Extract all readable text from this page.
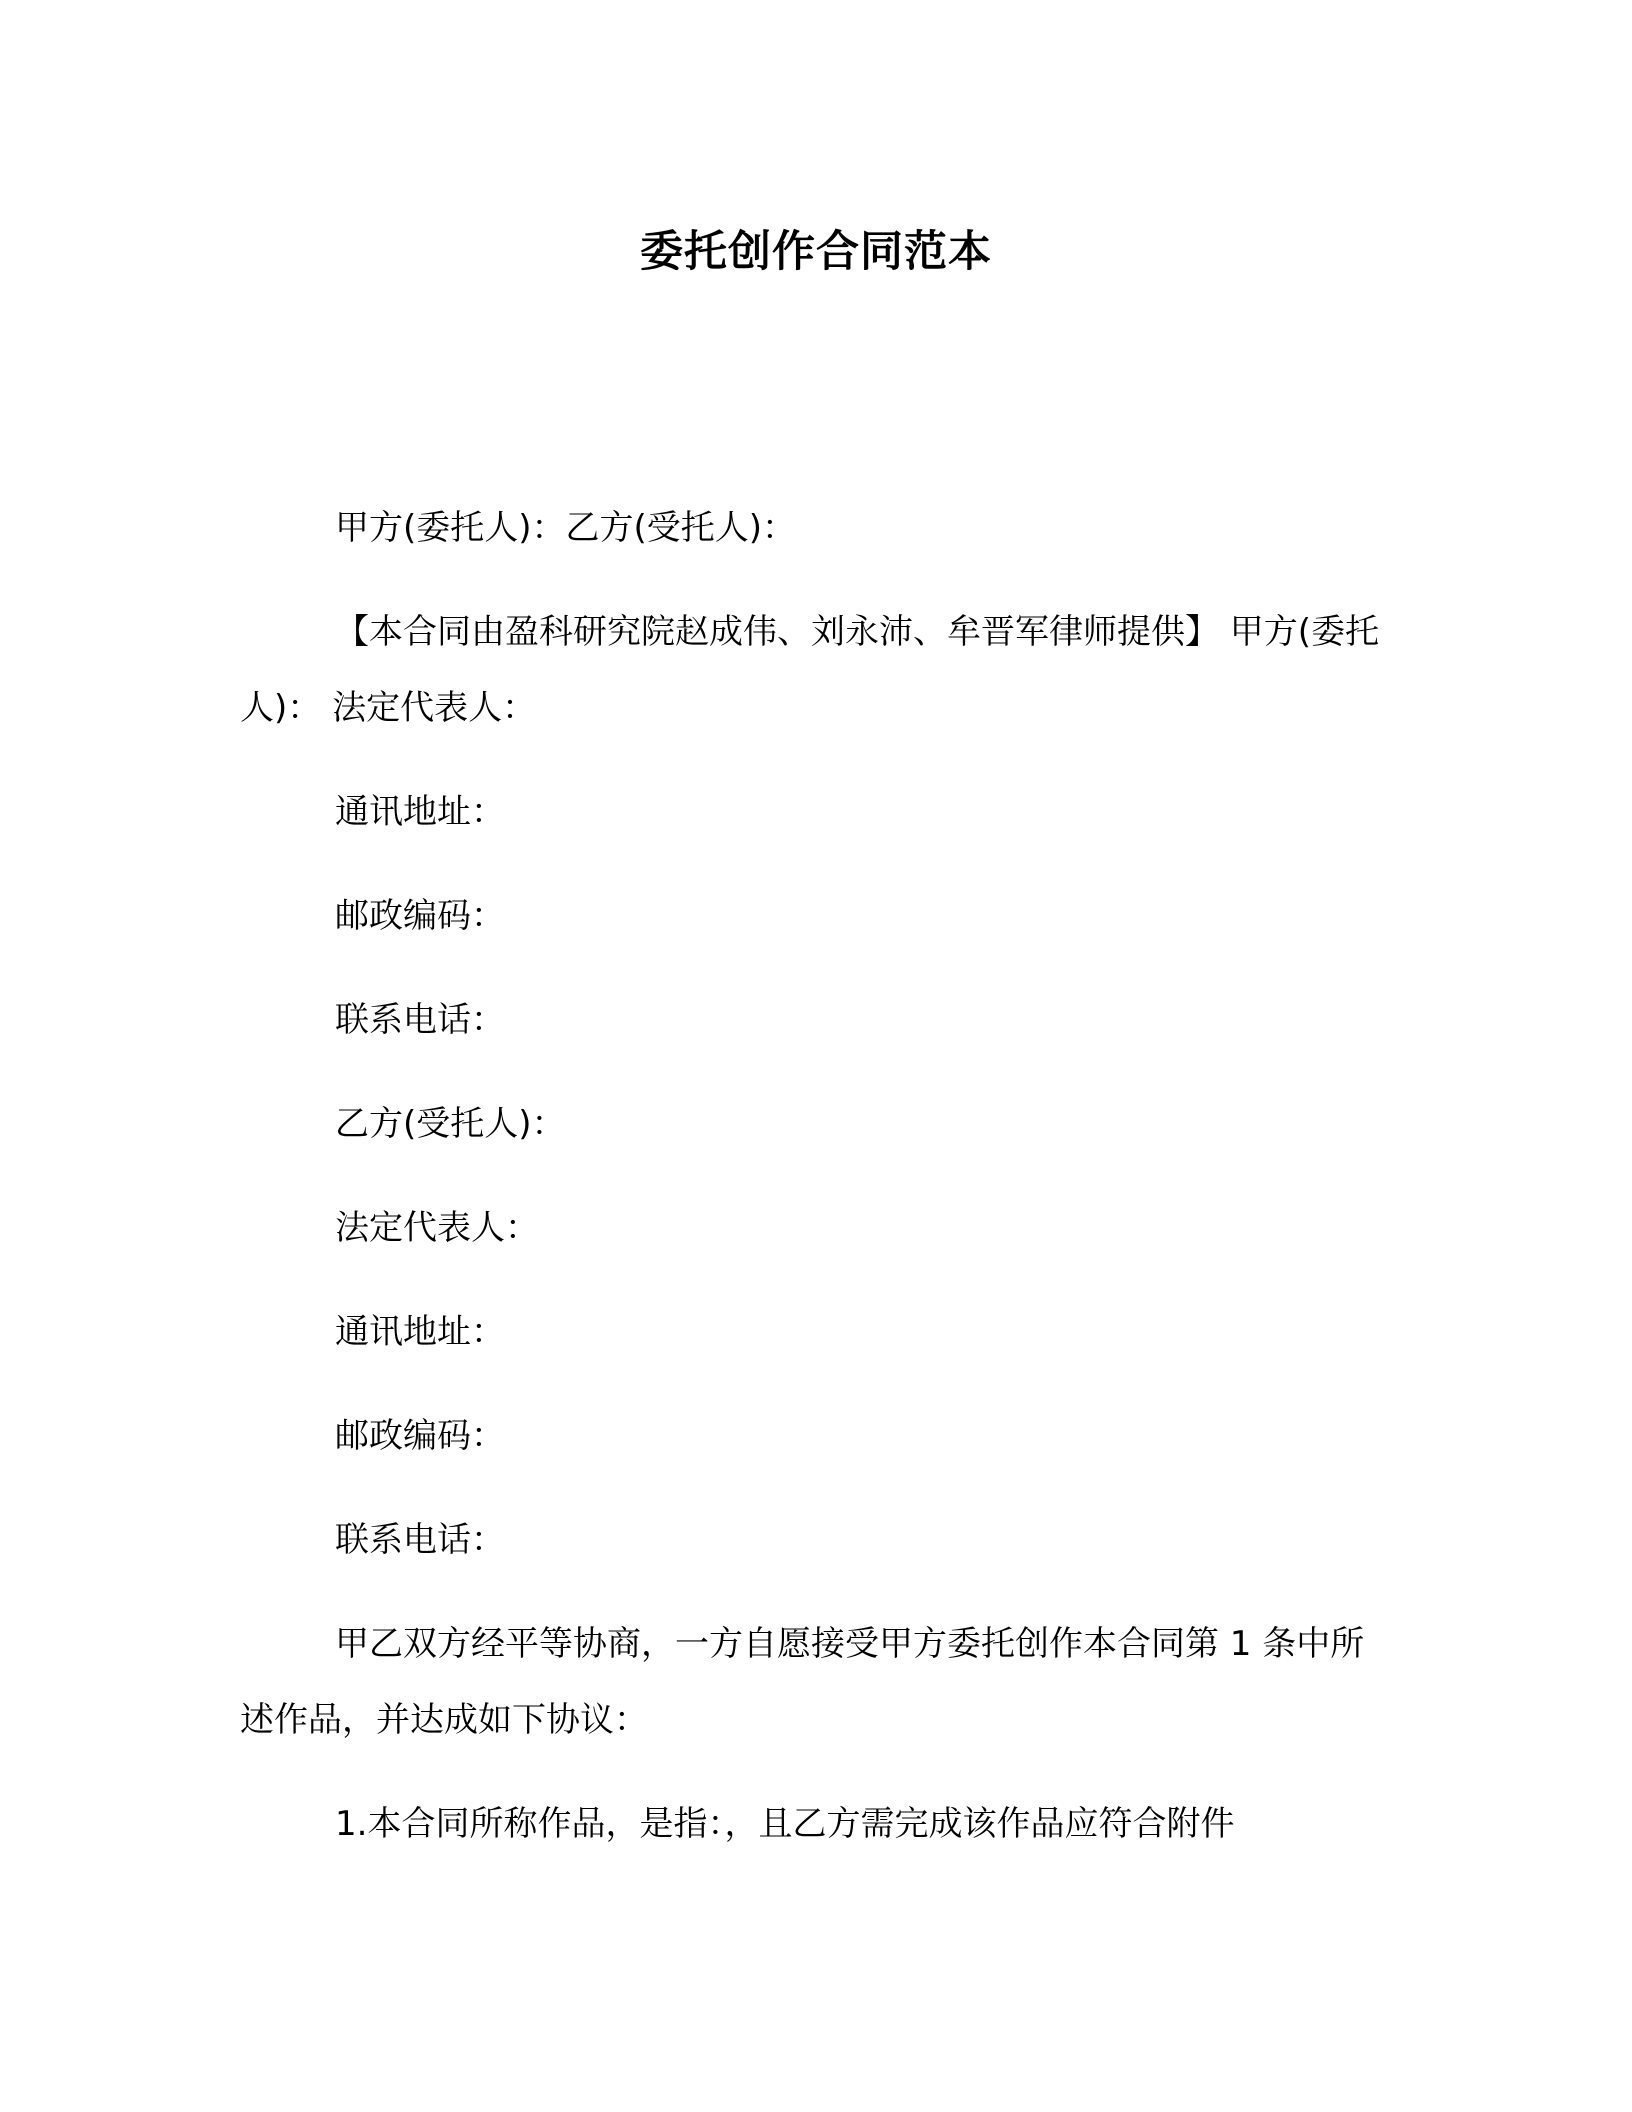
委托创作合同范本

甲方(委托人)：乙方(受托人)：

【本合同由盈科研究院赵成伟、刘永沛、牟晋军律师提供】 甲方(委托人)： 法定代表人：

通讯地址：

邮政编码：

联系电话：

乙方(受托人)：

法定代表人：

通讯地址：

邮政编码：

联系电话：

甲乙双方经平等协商，一方自愿接受甲方委托创作本合同第 1 条中所述作品，并达成如下协议：

1.本合同所称作品，是指：，且乙方需完成该作品应符合附件
